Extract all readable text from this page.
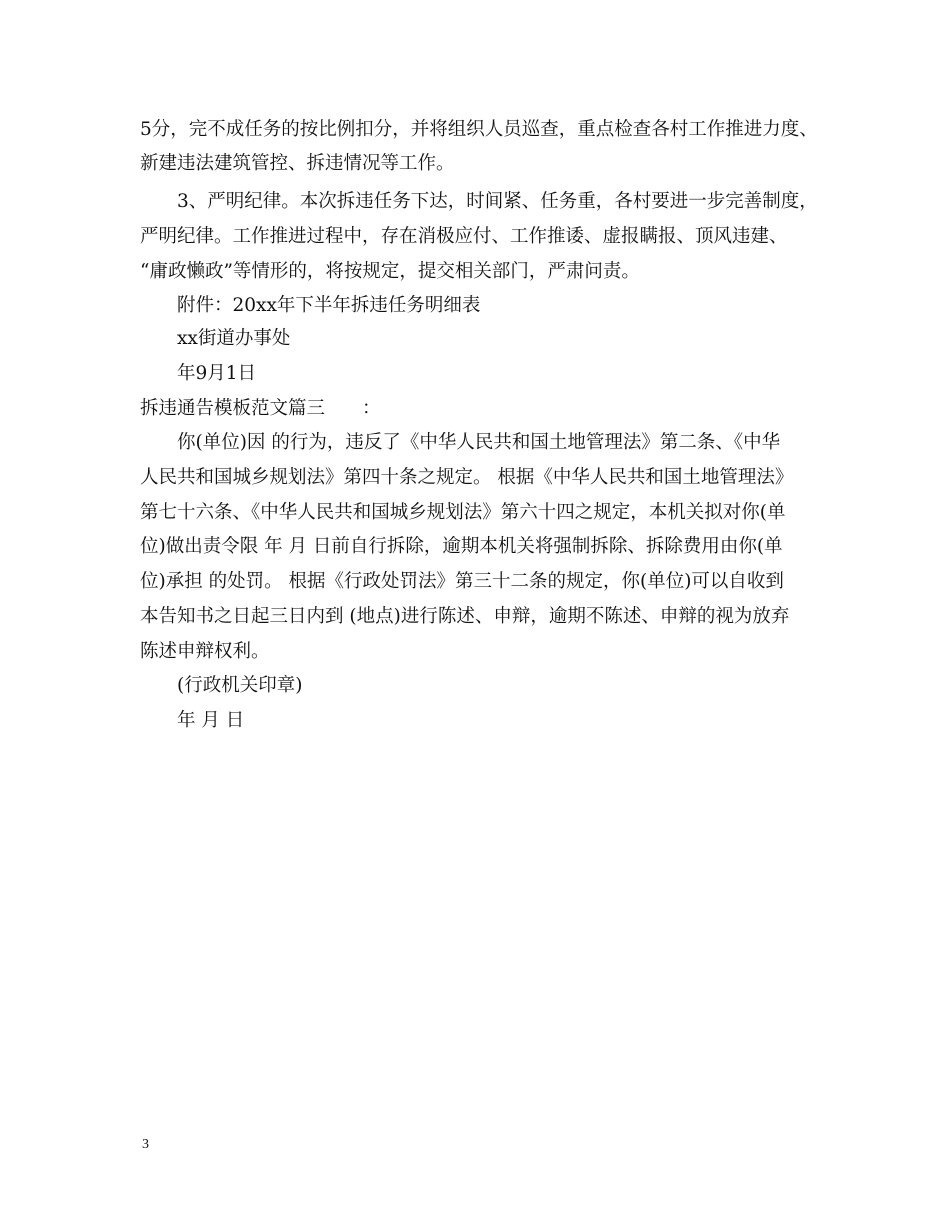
5分，完不成任务的按比例扣分，并将组织人员巡查，重点检查各村工作推进力度、
新建违法建筑管控、拆违情况等工作。
3、严明纪律。本次拆违任务下达，时间紧、任务重，各村要进一步完善制度，
严明纪律。工作推进过程中，存在消极应付、工作推诿、虚报瞒报、顶风违建、
“庸政懒政”等情形的，将按规定，提交相关部门，严肃问责。
附件：20xx年下半年拆违任务明细表
xx街道办事处
年9月1日
拆违通告模板范文篇三　　：
你(单位)因 的行为，违反了《中华人民共和国土地管理法》第二条、《中华
人民共和国城乡规划法》第四十条之规定。 根据《中华人民共和国土地管理法》
第七十六条、《中华人民共和国城乡规划法》第六十四之规定，本机关拟对你(单
位)做出责令限 年 月 日前自行拆除，逾期本机关将强制拆除、拆除费用由你(单
位)承担 的处罚。 根据《行政处罚法》第三十二条的规定，你(单位)可以自收到
本告知书之日起三日内到 (地点)进行陈述、申辩，逾期不陈述、申辩的视为放弃
陈述申辩权利。
(行政机关印章)
年 月 日
3
